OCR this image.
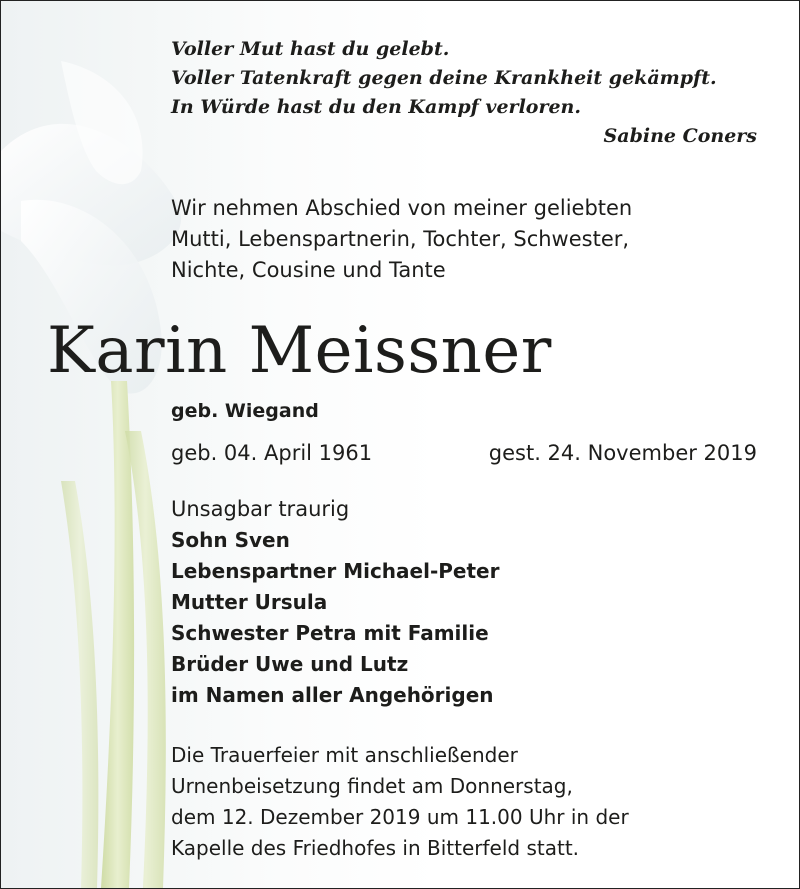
Voller Mut hast du gelebt.
Voller Tatenkraft gegen deine Krankheit gekämpft.
In Würde hast du den Kampf verloren.
Sabine Coners
Wir nehmen Abschied von meiner geliebten
Mutti, Lebenspartnerin, Tochter, Schwester,
Nichte, Cousine und Tante
Karin Meissner
geb. Wiegand
geb. 04. April 1961	gest. 24. November 2019
Unsagbar traurig
Sohn Sven
Lebenspartner Michael-Peter
Mutter Ursula
Schwester Petra mit Familie
Brüder Uwe und Lutz
im Namen aller Angehörigen
Die Trauerfeier mit anschließender
Urnenbeisetzung findet am Donnerstag,
dem 12. Dezember 2019 um 11.00 Uhr in der
Kapelle des Friedhofes in Bitterfeld statt.
